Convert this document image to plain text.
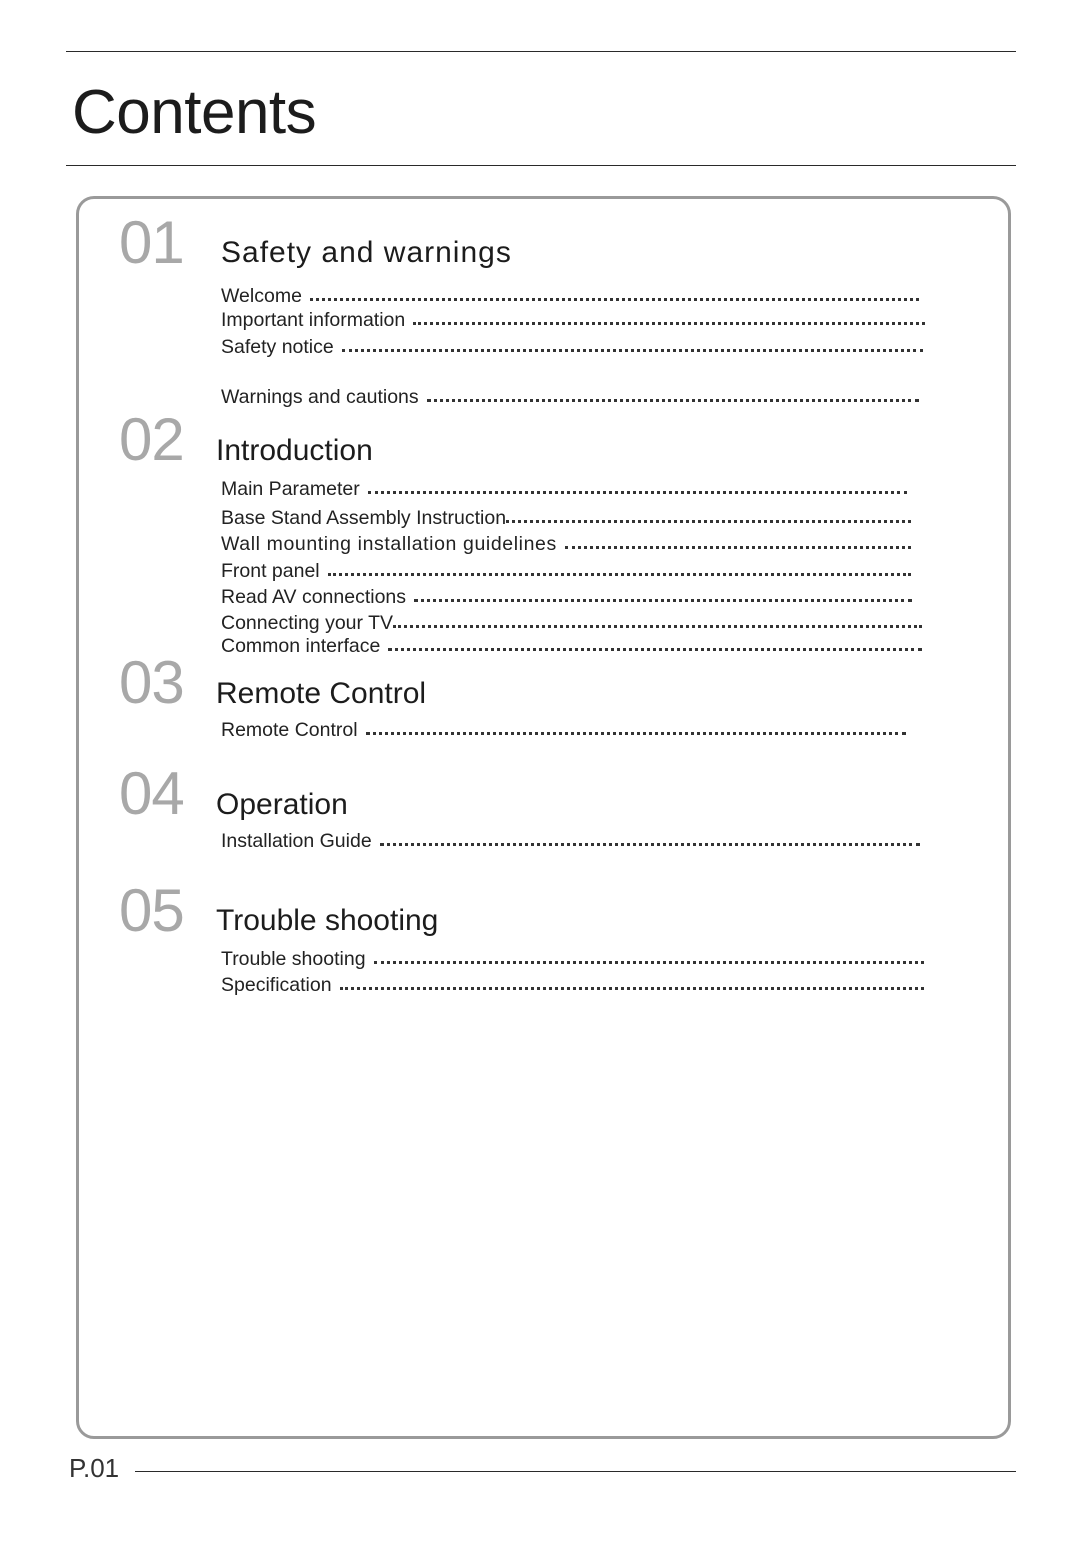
Contents
01 Safety and warnings
Welcome
Important information
Safety notice
Warnings and cautions
02 Introduction
Main Parameter
Base Stand Assembly Instruction
Wall mounting installation guidelines
Front panel
Read AV connections
Connecting your TV
Common interface
03 Remote Control
Remote Control
04 Operation
Installation Guide
05 Trouble shooting
Trouble shooting
Specification
P.01
